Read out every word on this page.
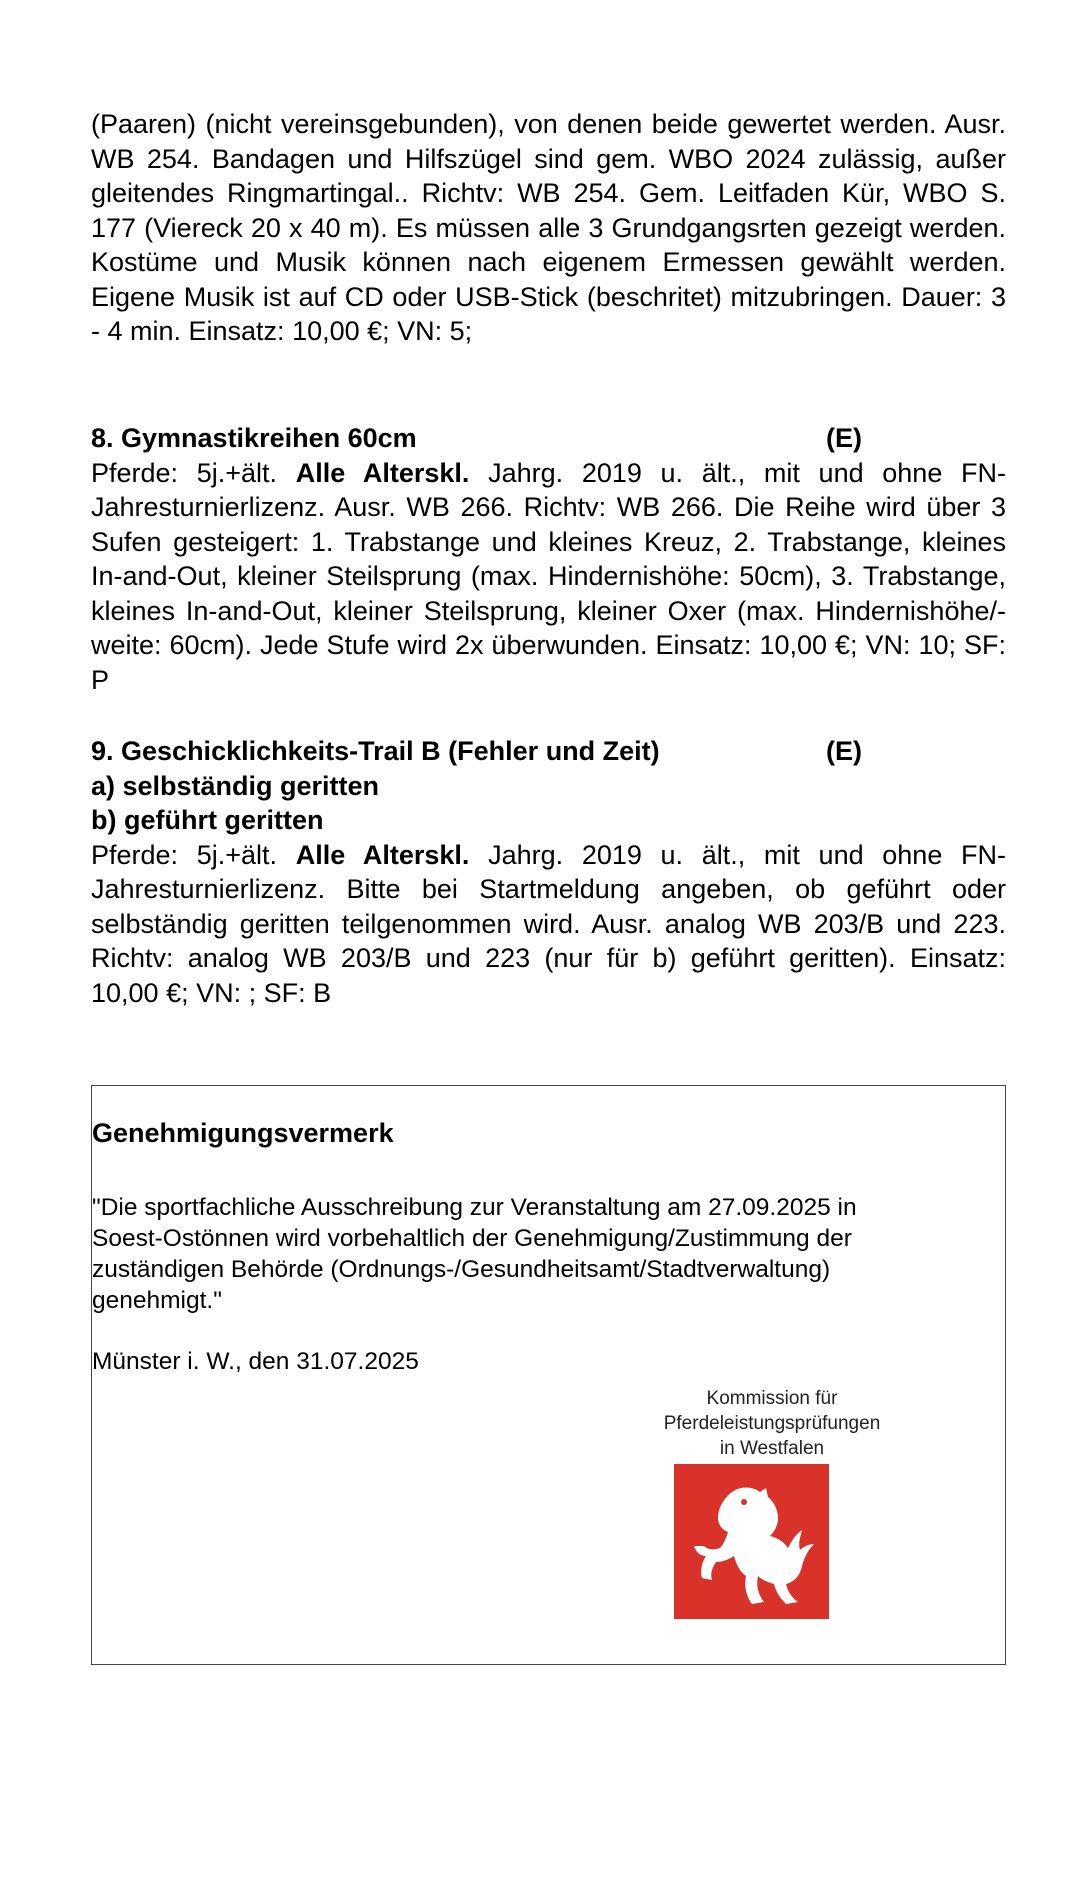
(Paaren) (nicht vereinsgebunden), von denen beide gewertet werden. Ausr. WB 254. Bandagen und Hilfszügel sind gem. WBO 2024 zulässig, außer gleitendes Ringmartingal.. Richtv: WB 254. Gem. Leitfaden Kür, WBO S. 177 (Viereck 20 x 40 m). Es müssen alle 3 Grundgangsrten gezeigt werden. Kostüme und Musik können nach eigenem Ermessen gewählt werden. Eigene Musik ist auf CD oder USB-Stick (beschritet) mitzubringen. Dauer: 3 - 4 min. Einsatz: 10,00 €; VN: 5;

8. Gymnastikreihen 60cm	(E)

Pferde: 5j.+ält. Alle Alterskl. Jahrg. 2019 u. ält., mit und ohne FN-Jahresturnierlizenz. Ausr. WB 266. Richtv: WB 266. Die Reihe wird über 3 Sufen gesteigert: 1. Trabstange und kleines Kreuz, 2. Trabstange, kleines In-and-Out, kleiner Steilsprung (max. Hindernishöhe: 50cm), 3. Trabstange, kleines In-and-Out, kleiner Steilsprung, kleiner Oxer (max. Hindernishöhe/-weite: 60cm). Jede Stufe wird 2x überwunden. Einsatz: 10,00 €; VN: 10; SF: P

9. Geschicklichkeits-Trail B (Fehler und Zeit)	(E)
a) selbständig geritten
b) geführt geritten

Pferde: 5j.+ält. Alle Alterskl. Jahrg. 2019 u. ält., mit und ohne FN-Jahresturnierlizenz. Bitte bei Startmeldung angeben, ob geführt oder selbständig geritten teilgenommen wird. Ausr. analog WB 203/B und 223. Richtv: analog WB 203/B und 223 (nur für b) geführt geritten). Einsatz: 10,00 €; VN: ; SF: B

Genehmigungsvermerk
"Die sportfachliche Ausschreibung zur Veranstaltung am 27.09.2025 in
Soest-Ostönnen wird vorbehaltlich der Genehmigung/Zustimmung der
zuständigen Behörde (Ordnungs-/Gesundheitsamt/Stadtverwaltung)
genehmigt."
Münster i. W., den 31.07.2025
Kommission für
Pferdeleistungsprüfungen
in Westfalen
